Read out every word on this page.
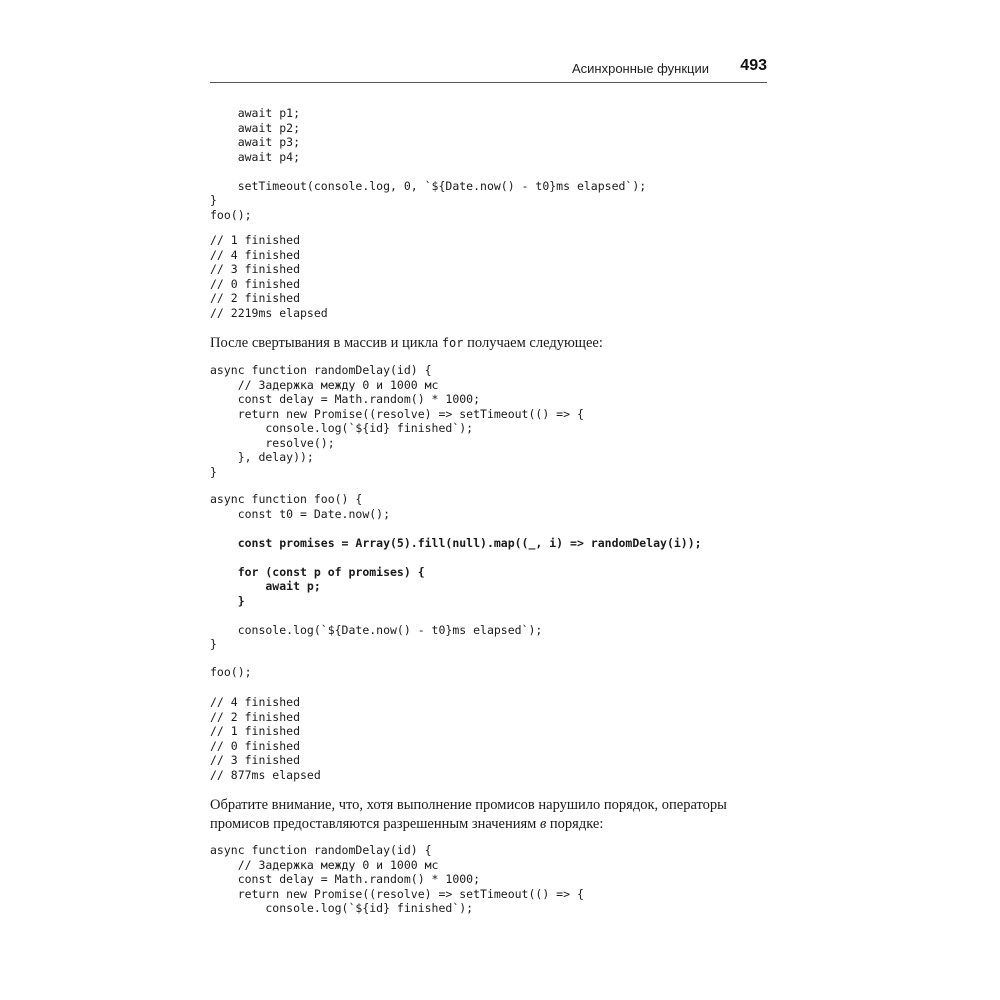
Асинхронные функции 493
await p1;
await p2;
await p3;
await p4;
setTimeout(console.log, 0, `${Date.now() - t0}ms elapsed`);
}
foo();
// 1 finished
// 4 finished
// 3 finished
// 0 finished
// 2 finished
// 2219ms elapsed

После свертывания в массив и цикла for получаем следующее:

async function randomDelay(id) {
// Задержка между 0 и 1000 мс
const delay = Math.random() * 1000;
return new Promise((resolve) => setTimeout(() => {
console.log(`${id} finished`);
resolve();
}, delay));
}
async function foo() {
const t0 = Date.now();
const promises = Array(5).fill(null).map((_, i) => randomDelay(i));
for (const p of promises) {
await p;
}
console.log(`${Date.now() - t0}ms elapsed`);
}
foo();
// 4 finished
// 2 finished
// 1 finished
// 0 finished
// 3 finished
// 877ms elapsed

Обратите внимание, что, хотя выполнение промисов нарушило порядок, операторы промисов предоставляются разрешенным значениям в порядке:

async function randomDelay(id) {
// Задержка между 0 и 1000 мс
const delay = Math.random() * 1000;
return new Promise((resolve) => setTimeout(() => {
console.log(`${id} finished`);
